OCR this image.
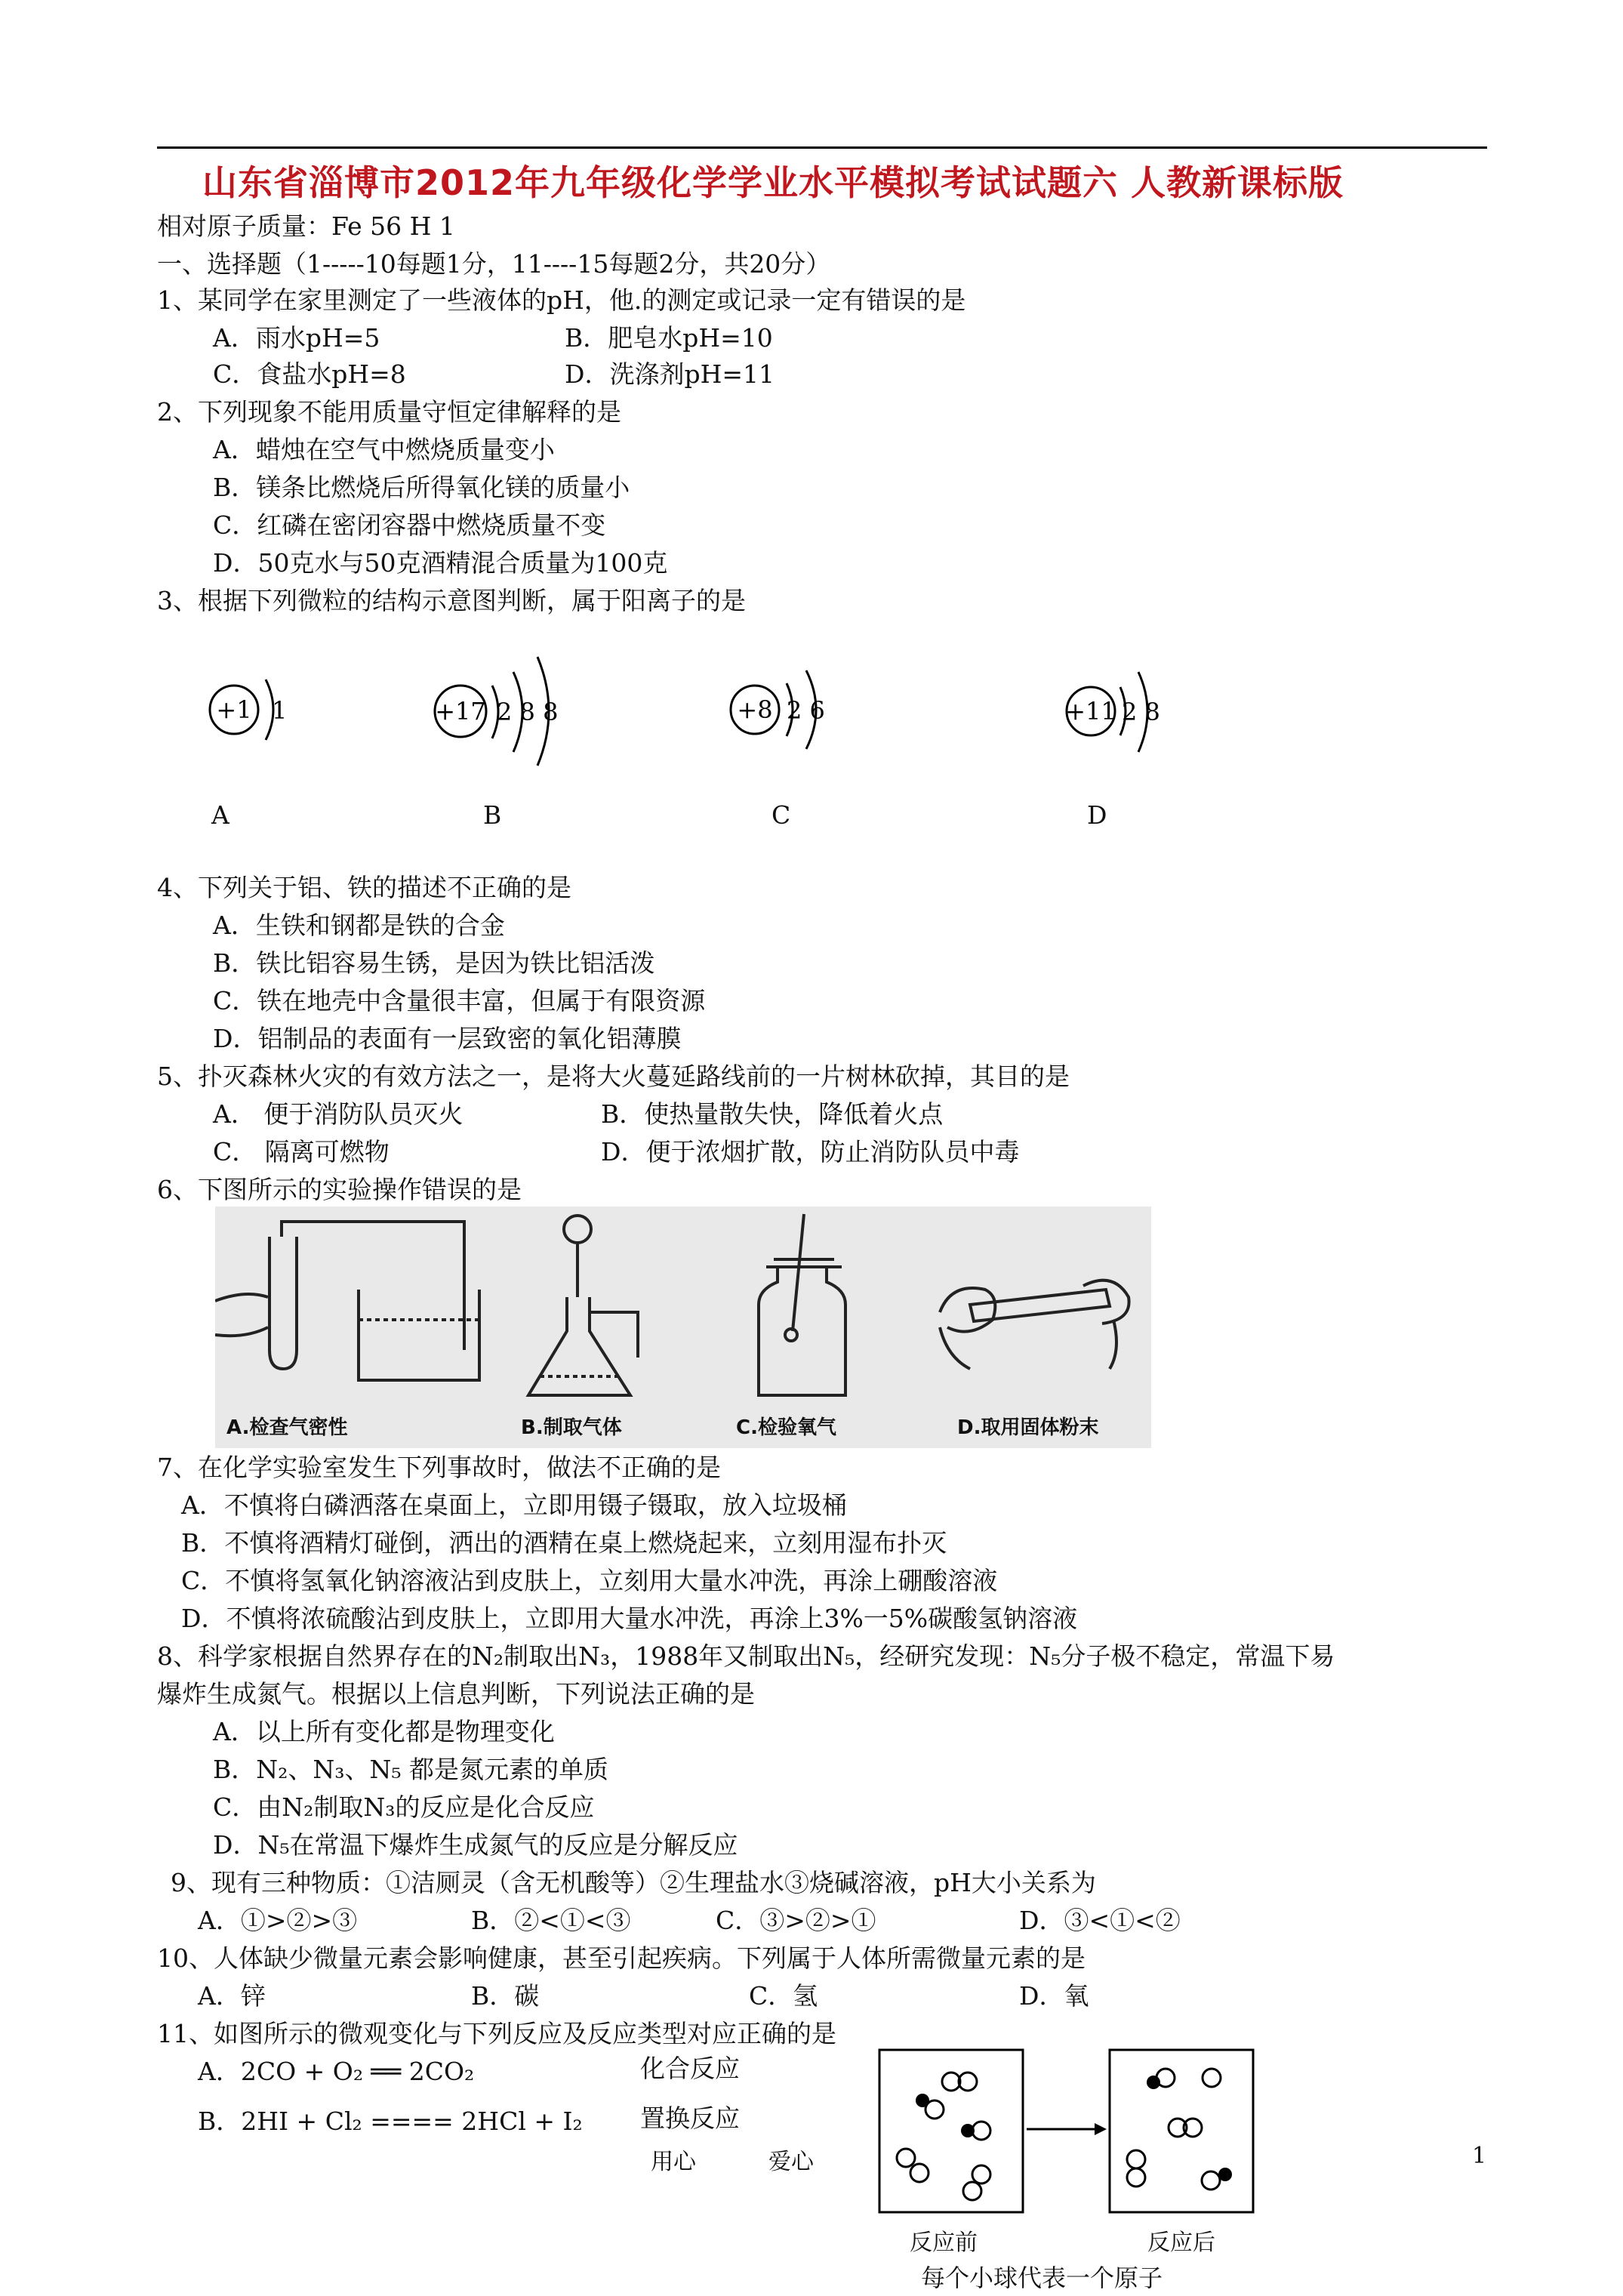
山东省淄博市2012年九年级化学学业水平模拟考试试题六 人教新课标版
相对原子质量：Fe 56 H 1
一、选择题（1-----10每题1分，11----15每题2分，共20分）
1、某同学在家里测定了一些液体的pH，他.的测定或记录一定有错误的是
A．雨水pH=5	B．肥皂水pH=10
C．食盐水pH=8	D．洗涤剂pH=11
2、下列现象不能用质量守恒定律解释的是
A．蜡烛在空气中燃烧质量变小
B．镁条比燃烧后所得氧化镁的质量小
C．红磷在密闭容器中燃烧质量不变
D．50克水与50克酒精混合质量为100克
3、根据下列微粒的结构示意图判断，属于阳离子的是
+1 1	+17 2 8 8	+8 2 6	+11 2 8
A	B	C	D
4、下列关于铝、铁的描述不正确的是
A．生铁和钢都是铁的合金
B．铁比铝容易生锈，是因为铁比铝活泼
C．铁在地壳中含量很丰富，但属于有限资源
D．铝制品的表面有一层致密的氧化铝薄膜
5、扑灭森林火灾的有效方法之一，是将大火蔓延路线前的一片树林砍掉，其目的是
A． 便于消防队员灭火	B．使热量散失快，降低着火点
C． 隔离可燃物	D．便于浓烟扩散，防止消防队员中毒
6、下图所示的实验操作错误的是
A.检查气密性	B.制取气体	C.检验氧气	D.取用固体粉末
7、在化学实验室发生下列事故时，做法不正确的是
A．不慎将白磷洒落在桌面上，立即用镊子镊取，放入垃圾桶
B．不慎将酒精灯碰倒，洒出的酒精在桌上燃烧起来，立刻用湿布扑灭
C．不慎将氢氧化钠溶液沾到皮肤上，立刻用大量水冲洗，再涂上硼酸溶液
D．不慎将浓硫酸沾到皮肤上，立即用大量水冲洗，再涂上3%一5%碳酸氢钠溶液
8、科学家根据自然界存在的N₂制取出N₃，1988年又制取出N₅，经研究发现：N₅分子极不稳定，常温下易
爆炸生成氮气。根据以上信息判断，下列说法正确的是
A．以上所有变化都是物理变化
B．N₂、N₃、N₅ 都是氮元素的单质
C．由N₂制取N₃的反应是化合反应
D．N₅在常温下爆炸生成氮气的反应是分解反应
9、现有三种物质：①洁厕灵（含无机酸等）②生理盐水③烧碱溶液，pH大小关系为
A．①>②>③	B．②<①<③	C．③>②>①	D．③<①<②
10、人体缺少微量元素会影响健康，甚至引起疾病。下列属于人体所需微量元素的是
A．锌	B．碳	C．氢	D．氧
11、如图所示的微观变化与下列反应及反应类型对应正确的是
A．2CO + O₂ ══ 2CO₂	化合反应
B．2HI + Cl₂ ==== 2HCl + I₂ 置换反应
反应前	反应后
每个小球代表一个原子
用心	爱心	1
